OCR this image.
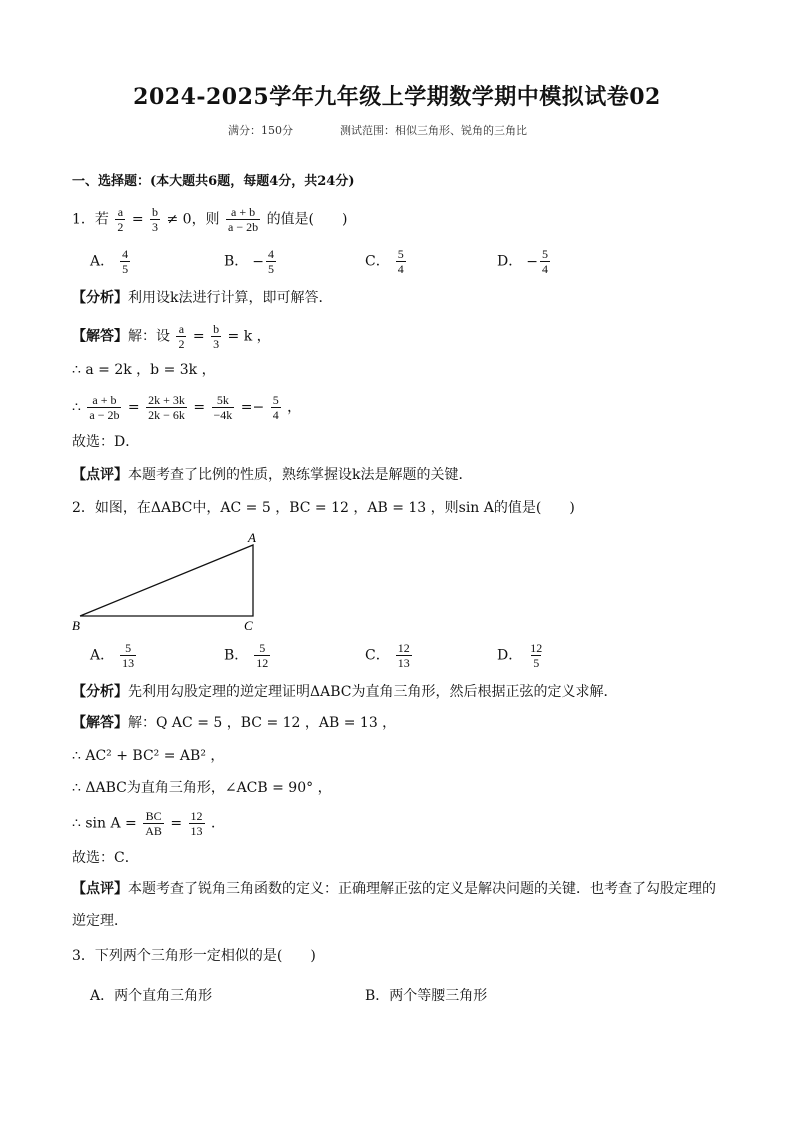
2024-2025学年九年级上学期数学期中模拟试卷02
满分：150分	测试范围：相似三角形、锐角的三角比
一、选择题：(本大题共6题，每题4分，共24分)
1．若 $\frac{a}{2} = \frac{b}{3} \ne 0$，则 $\frac{a + b}{a - 2b}$ 的值是(　　)
A． $\frac{4}{5}$	B． − $\frac{4}{5}$	C． $\frac{5}{4}$	D． − $\frac{5}{4}$
【分析】利用设k法进行计算，即可解答．
【解答】解：设 $\frac{a}{2} = \frac{b}{3} = k$ ，
∴ a = 2k ，b = 3k ，
∴ $\frac{a + b}{a - 2b} = \frac{2k + 3k}{2k - 6k} = \frac{5k}{-4k} =- \frac{5}{4}$ ，
故选：D．
【点评】本题考查了比例的性质，熟练掌握设k法是解题的关键．
2．如图，在ΔABC中，AC = 5 ，BC = 12 ，AB = 13 ，则sin A的值是(　　)
A
B	C
A． $\frac{5}{13}$	B． $\frac{5}{12}$	C． $\frac{12}{13}$	D． $\frac{12}{5}$
【分析】先利用勾股定理的逆定理证明ΔABC为直角三角形，然后根据正弦的定义求解．
【解答】解：Q AC = 5 ，BC = 12 ，AB = 13 ，
∴ AC² + BC² = AB² ，
∴ ΔABC为直角三角形，∠ACB = 90° ，
∴ $\sin A = \frac{BC}{AB} = \frac{12}{13}$ ．
故选：C．
【点评】本题考查了锐角三角函数的定义：正确理解正弦的定义是解决问题的关键．也考查了勾股定理的
逆定理．
3．下列两个三角形一定相似的是(　　)
A．两个直角三角形	B．两个等腰三角形
